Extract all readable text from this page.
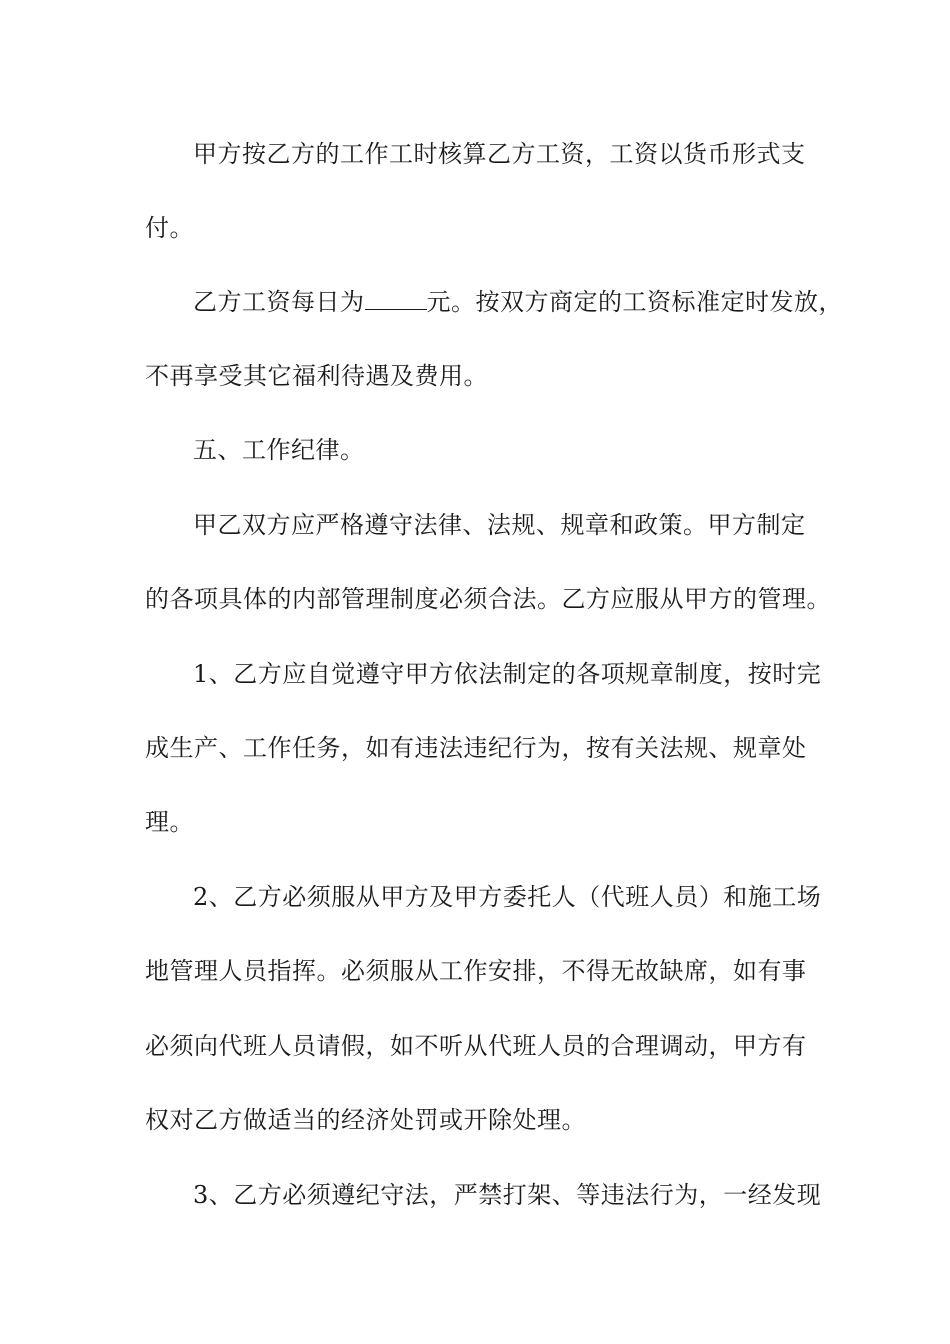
甲方按乙方的工作工时核算乙方工资，工资以货币形式支
付。
乙方工资每日为	元。按双方商定的工资标准定时发放，
不再享受其它福利待遇及费用。
五、工作纪律。
甲乙双方应严格遵守法律、法规、规章和政策。甲方制定
的各项具体的内部管理制度必须合法。乙方应服从甲方的管理。
1、乙方应自觉遵守甲方依法制定的各项规章制度，按时完
成生产、工作任务，如有违法违纪行为，按有关法规、规章处
理。
2、乙方必须服从甲方及甲方委托人（代班人员）和施工场
地管理人员指挥。必须服从工作安排，不得无故缺席，如有事
必须向代班人员请假，如不听从代班人员的合理调动，甲方有
权对乙方做适当的经济处罚或开除处理。
3、乙方必须遵纪守法，严禁打架、等违法行为，一经发现
